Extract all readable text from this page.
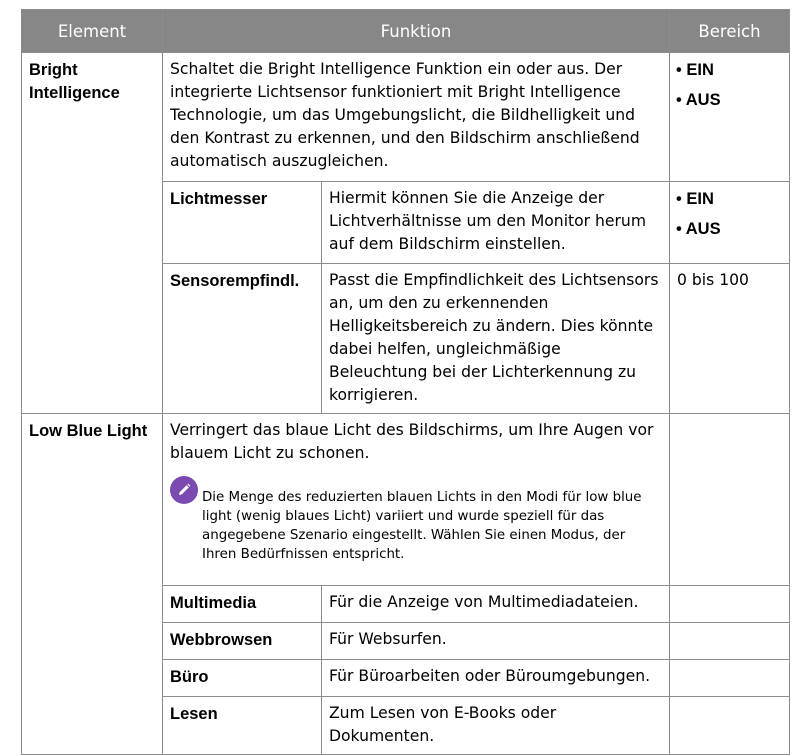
Element	Funktion		Bereich
Bright Intelligence	Schaltet die Bright Intelligence Funktion ein oder aus. Der integrierte Lichtsensor funktioniert mit Bright Intelligence Technologie, um das Umgebungslicht, die Bildhelligkeit und den Kontrast zu erkennen, und den Bildschirm anschließend automatisch auszugleichen.		• EIN
• AUS

	Lichtmesser	Hiermit können Sie die Anzeige der Lichtverhältnisse um den Monitor herum auf dem Bildschirm einstellen.	• EIN
• AUS

	Sensorempfindl.	Passt die Empfindlichkeit des Lichtsensors an, um den zu erkennenden Helligkeitsbereich zu ändern. Dies könnte dabei helfen, ungleichmäßige Beleuchtung bei der Lichterkennung zu korrigieren.	0 bis 100
Low Blue Light	Verringert das blaue Licht des Bildschirms, um Ihre Augen vor blauem Licht zu schonen.
Die Menge des reduzierten blauen Lichts in den Modi für low blue light (wenig blaues Licht) variiert und wurde speziell für das angegebene Szenario eingestellt. Wählen Sie einen Modus, der Ihren Bedürfnissen entspricht.		

	Multimedia	Für die Anzeige von Multimediadateien.	
	Webbrowsen	Für Websurfen.	
	Büro	Für Büroarbeiten oder Büroumgebungen.	
	Lesen	Zum Lesen von E-Books oder Dokumenten.	
